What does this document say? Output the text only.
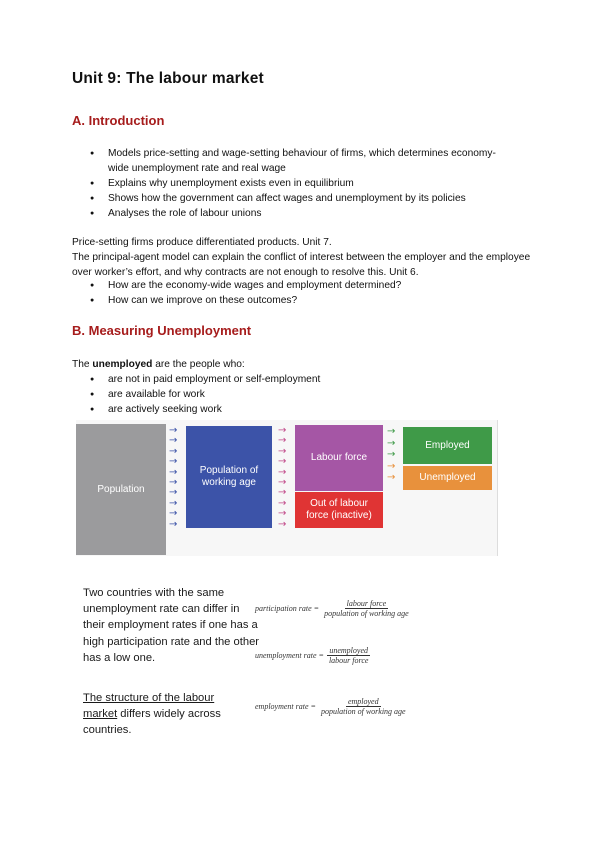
Unit 9: The labour market
A. Introduction
● Models price-setting and wage-setting behaviour of firms, which determines economy-wide unemployment rate and real wage
● Explains why unemployment exists even in equilibrium
● Shows how the government can affect wages and unemployment by its policies
● Analyses the role of labour unions
Price-setting firms produce differentiated products. Unit 7.
The principal-agent model can explain the conflict of interest between the employer and the employee over worker’s effort, and why contracts are not enough to resolve this. Unit 6.
● How are the economy-wide wages and employment determined?
● How can we improve on these outcomes?
B. Measuring Unemployment
The unemployed are the people who:
● are not in paid employment or self-employment
● are available for work
● are actively seeking work
Population
→
→
→
→
→
→
→
→
→
→
Population of working age
→
→
→
→
→
→
→
→
→
→
Labour force
Out of labour force (inactive)
→
→
→
→
→
Employed
Unemployed
Two countries with the same unemployment rate can differ in their employment rates if one has a high participation rate and the other has a low one.
The structure of the labour market differs widely across countries.
participation rate = $\frac{\text{labour force}}{\text{population of working age}}$
unemployment rate = $\frac{\text{unemployed}}{\text{labour force}}$
employment rate = $\frac{\text{employed}}{\text{population of working age}}$
